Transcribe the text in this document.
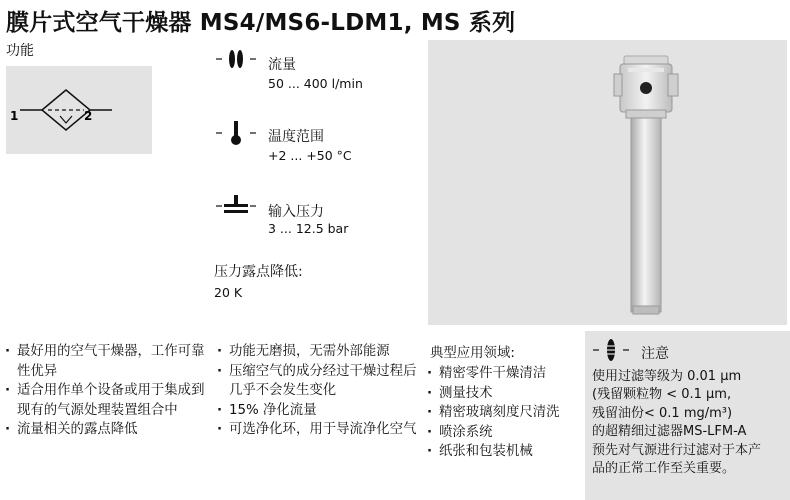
膜片式空气干燥器 MS4/MS6-LDM1, MS 系列
功能
1	2
流量
50 ... 400 l/min
温度范围
+2 ... +50 °C
输入压力
3 ... 12.5 bar
压力露点降低:
20 K
· 最好用的空气干燥器，工作可靠性优异
· 适合用作单个设备或用于集成到现有的气源处理装置组合中
· 流量相关的露点降低
· 功能无磨损，无需外部能源
· 压缩空气的成分经过干燥过程后几乎不会发生变化
· 15% 净化流量
· 可选净化环，用于导流净化空气
典型应用领域:
· 精密零件干燥清洁
· 测量技术
· 精密玻璃刻度尺清洗
· 喷涂系统
· 纸张和包装机械
注意
使用过滤等级为 0.01 µm
(残留颗粒物 < 0.1 µm,
残留油份< 0.1 mg/m³)
的超精细过滤器MS-LFM-A
预先对气源进行过滤对于本产
品的正常工作至关重要。
